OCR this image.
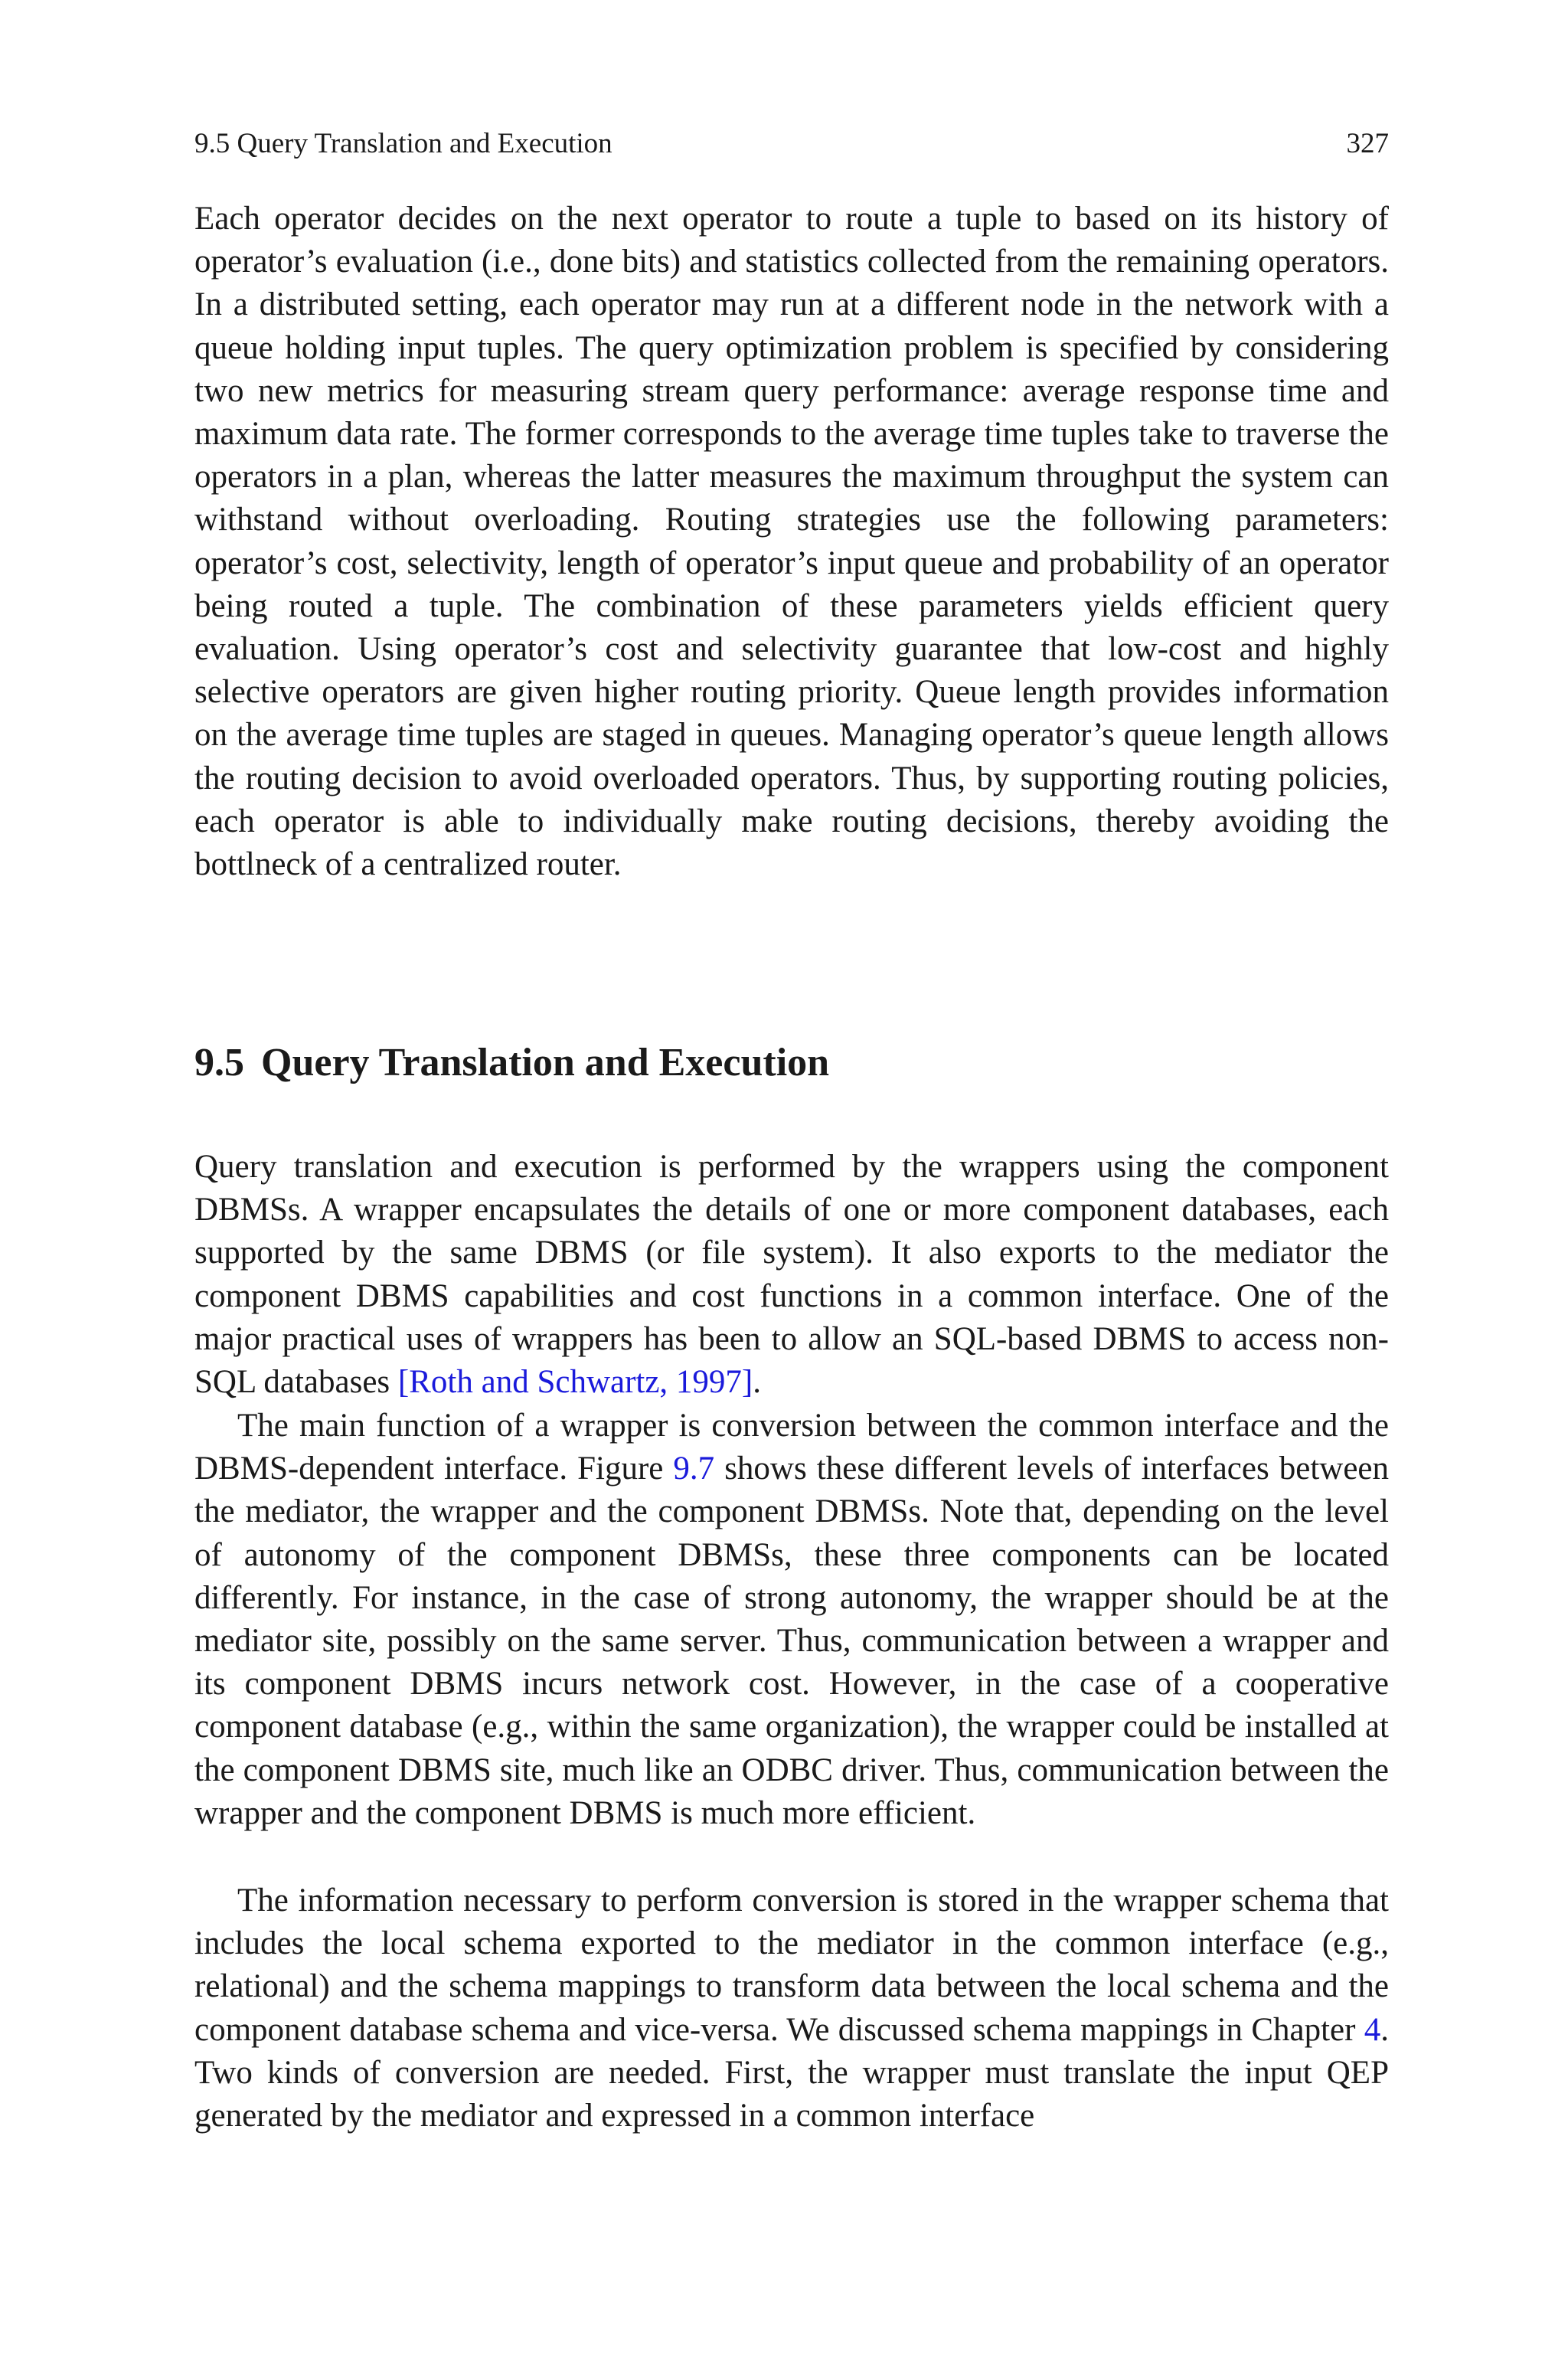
9.5 Query Translation and Execution	327

Each operator decides on the next operator to route a tuple to based on its history of operator’s evaluation (i.e., done bits) and statistics collected from the remaining operators. In a distributed setting, each operator may run at a different node in the network with a queue holding input tuples. The query optimization problem is specified by considering two new metrics for measuring stream query performance: average response time and maximum data rate. The former corresponds to the average time tuples take to traverse the operators in a plan, whereas the latter measures the maximum throughput the system can withstand without overloading. Routing strategies use the following parameters: operator’s cost, selectivity, length of operator’s input queue and probability of an operator being routed a tuple. The combination of these parameters yields efficient query evaluation. Using operator’s cost and selectivity guarantee that low-cost and highly selective operators are given higher routing priority. Queue length provides information on the average time tuples are staged in queues. Managing operator’s queue length allows the routing decision to avoid overloaded operators. Thus, by supporting routing policies, each operator is able to individually make routing decisions, thereby avoiding the bottlneck of a centralized router.

9.5 Query Translation and Execution

Query translation and execution is performed by the wrappers using the component DBMSs. A wrapper encapsulates the details of one or more component databases, each supported by the same DBMS (or file system). It also exports to the mediator the component DBMS capabilities and cost functions in a common interface. One of the major practical uses of wrappers has been to allow an SQL-based DBMS to access non-SQL databases [Roth and Schwartz, 1997].

The main function of a wrapper is conversion between the common interface and the DBMS-dependent interface. Figure 9.7 shows these different levels of interfaces between the mediator, the wrapper and the component DBMSs. Note that, depending on the level of autonomy of the component DBMSs, these three components can be located differently. For instance, in the case of strong autonomy, the wrapper should be at the mediator site, possibly on the same server. Thus, communication between a wrapper and its component DBMS incurs network cost. However, in the case of a cooperative component database (e.g., within the same organization), the wrapper could be installed at the component DBMS site, much like an ODBC driver. Thus, communication between the wrapper and the component DBMS is much more efficient.

The information necessary to perform conversion is stored in the wrapper schema that includes the local schema exported to the mediator in the common interface (e.g., relational) and the schema mappings to transform data between the local schema and the component database schema and vice-versa. We discussed schema mappings in Chapter 4. Two kinds of conversion are needed. First, the wrapper must translate the input QEP generated by the mediator and expressed in a common interface
